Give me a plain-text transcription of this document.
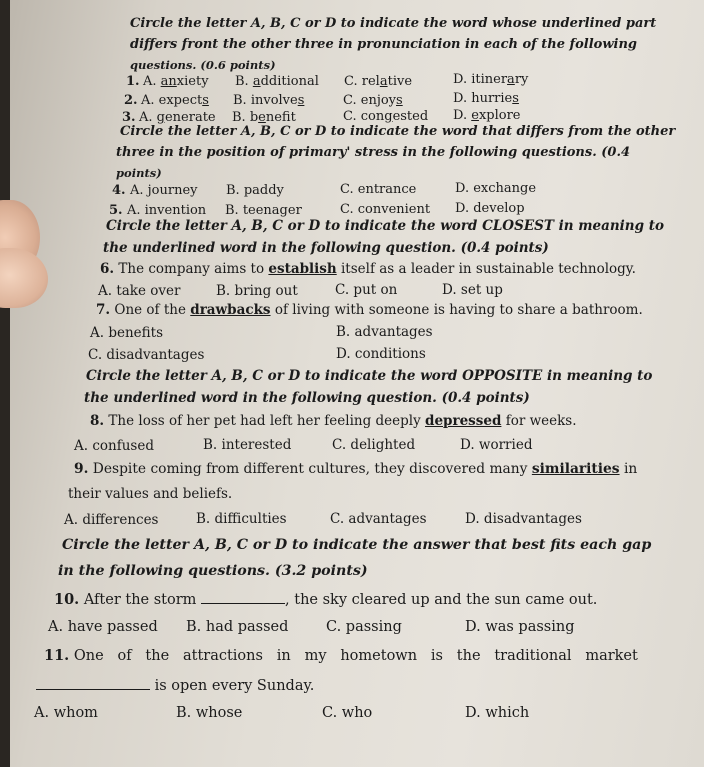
Circle the letter A, B, C or D to indicate the word whose underlined part
differs front the other three in pronunciation in each of the following
questions. (0.6 points)
1. A. anxiety B. additional C. relative	D. itinerary
2. A. expects B. involves	C. enjoys	D. hurries
3. A. generate B. benefit	C. congested D. explore
Circle the letter A, B, C or D to indicate the word that differs from the other
three in the position of primary' stress in the following questions. (0.4
points)
4. A. journey B. paddy	C. entrance	D. exchange
5. A. invention B. teenager	C. convenient D. develop
Circle the letter A, B, C or D to indicate the word CLOSEST in meaning to
the underlined word in the following question. (0.4 points)
6. The company aims to establish itself as a leader in sustainable technology.
A. take over	B. bring out	C. put on	D. set up
7. One of the drawbacks of living with someone is having to share a bathroom.
A. benefits	B. advantages
C. disadvantages	D. conditions
Circle the letter A, B, C or D to indicate the word OPPOSITE in meaning to
the underlined word in the following question. (0.4 points)
8. The loss of her pet had left her feeling deeply depressed for weeks.
A. confused	B. interested	C. delighted	D. worried
9. Despite coming from different cultures, they discovered many similarities in
their values and beliefs.
A. differences	B. difficulties	C. advantages	D. disadvantages
Circle the letter A, B, C or D to indicate the answer that best fits each gap
in the following questions. (3.2 points)
10. After the storm	, the sky cleared up and the sun came out.
A. have passed B. had passed	C. passing	D. was passing
11. One   of   the   attractions   in   my   hometown   is   the   traditional   market
is open every Sunday.
A. whom	B. whose	C. who	D. which
